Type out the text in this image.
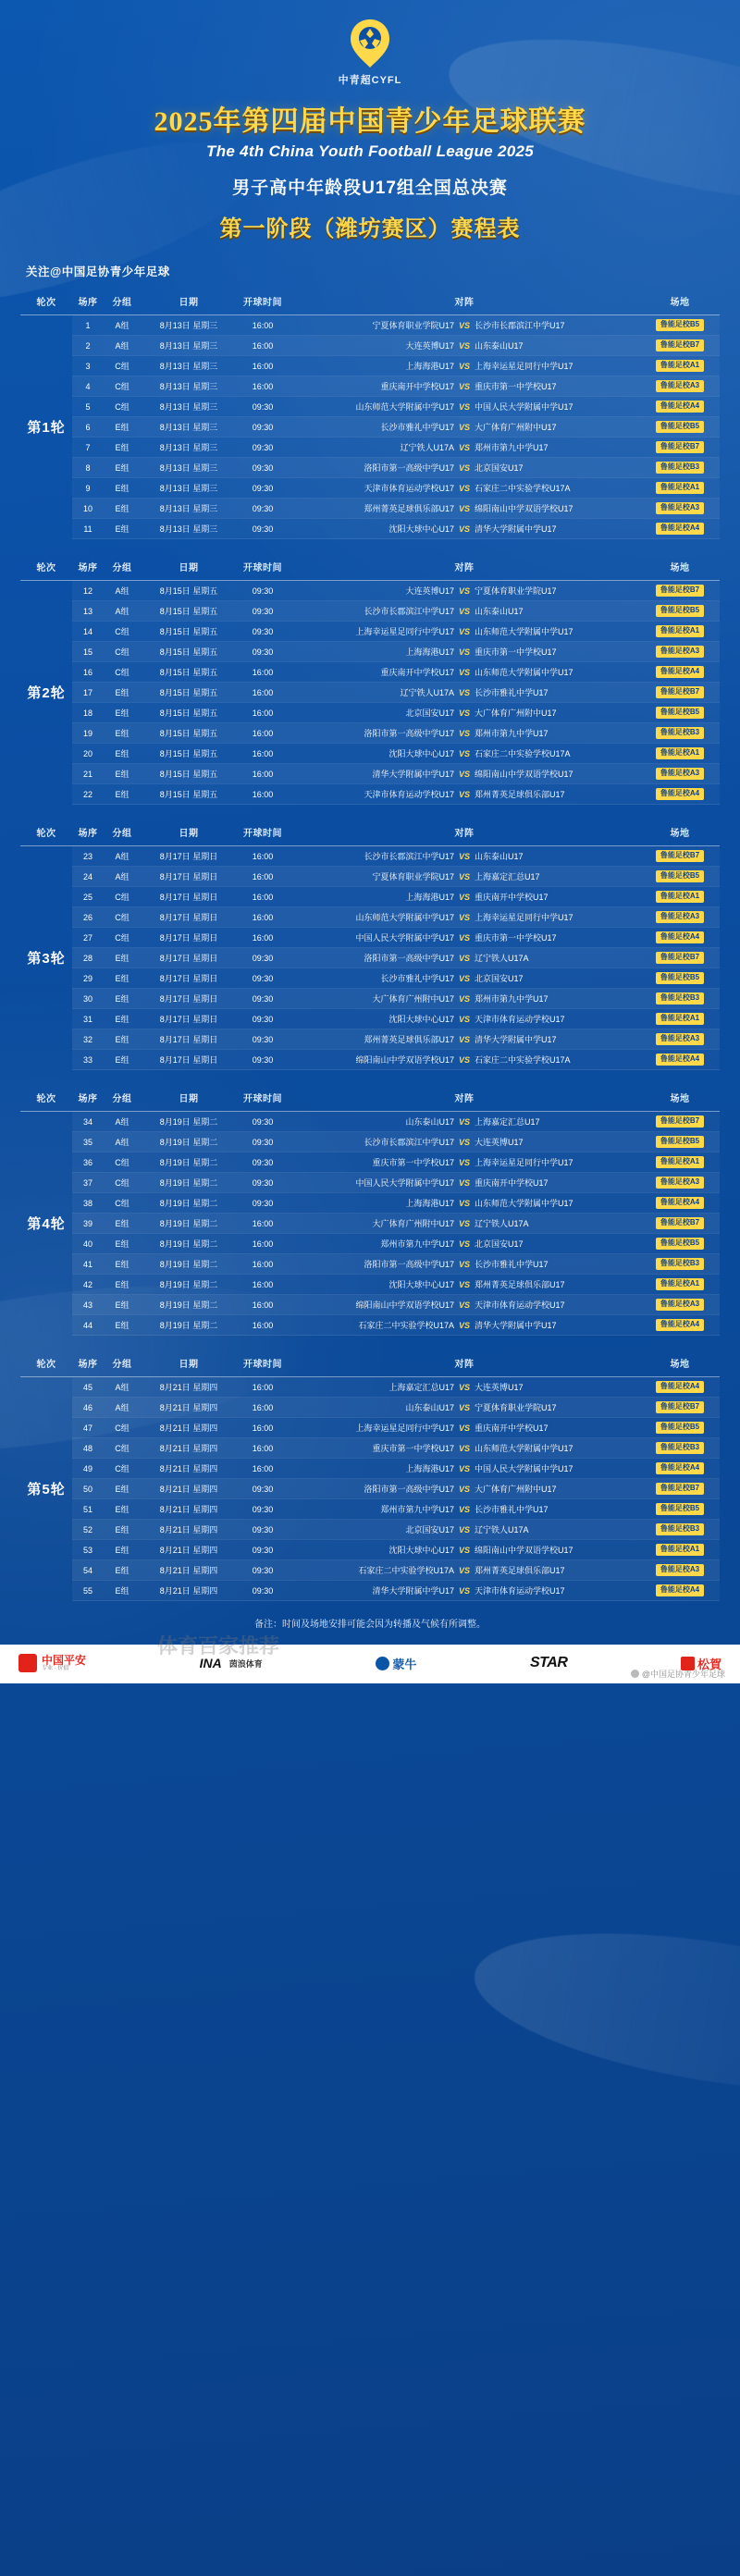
中青超CYFL
2025年第四届中国青少年足球联赛
The 4th China Youth Football League 2025
男子高中年龄段U17组全国总决赛
第一阶段（潍坊赛区）赛程表
关注@中国足协青少年足球
轮次	场序	分组	日期	开球时间	对阵	场地
第1轮	1	A组	8月13日 星期三	16:00	宁夏体育职业学院U17 VS 长沙市长郡滨江中学U17	鲁能足校B5
	2	A组	8月13日 星期三	16:00	大连英博U17 VS 山东泰山U17	鲁能足校B7
	3	C组	8月13日 星期三	16:00	上海海港U17 VS 上海幸运星足同行中学U17	鲁能足校A1
	4	C组	8月13日 星期三	16:00	重庆南开中学校U17 VS 重庆市第一中学校U17	鲁能足校A3
	5	C组	8月13日 星期三	09:30	山东师范大学附属中学U17 VS 中国人民大学附属中学U17	鲁能足校A4
	6	E组	8月13日 星期三	09:30	长沙市雅礼中学U17 VS 大广体育广州附中U17	鲁能足校B5
	7	E组	8月13日 星期三	09:30	辽宁铁人U17A VS 郑州市第九中学U17	鲁能足校B7
	8	E组	8月13日 星期三	09:30	洛阳市第一高级中学U17 VS 北京国安U17	鲁能足校B3
	9	E组	8月13日 星期三	09:30	天津市体育运动学校U17 VS 石家庄二中实验学校U17A	鲁能足校A1
	10	E组	8月13日 星期三	09:30	郑州菁英足球俱乐部U17 VS 绵阳南山中学双语学校U17	鲁能足校A3
	11	E组	8月13日 星期三	09:30	沈阳大球中心U17 VS 清华大学附属中学U17	鲁能足校A4
轮次	场序	分组	日期	开球时间	对阵	场地
第2轮	12	A组	8月15日 星期五	09:30	大连英博U17 VS 宁夏体育职业学院U17	鲁能足校B7
	13	A组	8月15日 星期五	09:30	长沙市长郡滨江中学U17 VS 山东泰山U17	鲁能足校B5
	14	C组	8月15日 星期五	09:30	上海幸运星足同行中学U17 VS 山东师范大学附属中学U17	鲁能足校A1
	15	C组	8月15日 星期五	09:30	上海海港U17 VS 重庆市第一中学校U17	鲁能足校A3
	16	C组	8月15日 星期五	16:00	重庆南开中学校U17 VS 山东师范大学附属中学U17	鲁能足校A4
	17	E组	8月15日 星期五	16:00	辽宁铁人U17A VS 长沙市雅礼中学U17	鲁能足校B7
	18	E组	8月15日 星期五	16:00	北京国安U17 VS 大广体育广州附中U17	鲁能足校B5
	19	E组	8月15日 星期五	16:00	洛阳市第一高级中学U17 VS 郑州市第九中学U17	鲁能足校B3
	20	E组	8月15日 星期五	16:00	沈阳大球中心U17 VS 石家庄二中实验学校U17A	鲁能足校A1
	21	E组	8月15日 星期五	16:00	清华大学附属中学U17 VS 绵阳南山中学双语学校U17	鲁能足校A3
	22	E组	8月15日 星期五	16:00	天津市体育运动学校U17 VS 郑州菁英足球俱乐部U17	鲁能足校A4
轮次	场序	分组	日期	开球时间	对阵	场地
第3轮	23	A组	8月17日 星期日	16:00	长沙市长郡滨江中学U17 VS 山东泰山U17	鲁能足校B7
	24	A组	8月17日 星期日	16:00	宁夏体育职业学院U17 VS 上海嘉定汇总U17	鲁能足校B5
	25	C组	8月17日 星期日	16:00	上海海港U17 VS 重庆南开中学校U17	鲁能足校A1
	26	C组	8月17日 星期日	16:00	山东师范大学附属中学U17 VS 上海幸运星足同行中学U17	鲁能足校A3
	27	C组	8月17日 星期日	16:00	中国人民大学附属中学U17 VS 重庆市第一中学校U17	鲁能足校A4
	28	E组	8月17日 星期日	09:30	洛阳市第一高级中学U17 VS 辽宁铁人U17A	鲁能足校B7
	29	E组	8月17日 星期日	09:30	长沙市雅礼中学U17 VS 北京国安U17	鲁能足校B5
	30	E组	8月17日 星期日	09:30	大广体育广州附中U17 VS 郑州市第九中学U17	鲁能足校B3
	31	E组	8月17日 星期日	09:30	沈阳大球中心U17 VS 天津市体育运动学校U17	鲁能足校A1
	32	E组	8月17日 星期日	09:30	郑州菁英足球俱乐部U17 VS 清华大学附属中学U17	鲁能足校A3
	33	E组	8月17日 星期日	09:30	绵阳南山中学双语学校U17 VS 石家庄二中实验学校U17A	鲁能足校A4
轮次	场序	分组	日期	开球时间	对阵	场地
第4轮	34	A组	8月19日 星期二	09:30	山东泰山U17 VS 上海嘉定汇总U17	鲁能足校B7
	35	A组	8月19日 星期二	09:30	长沙市长郡滨江中学U17 VS 大连英博U17	鲁能足校B5
	36	C组	8月19日 星期二	09:30	重庆市第一中学校U17 VS 上海幸运星足同行中学U17	鲁能足校A1
	37	C组	8月19日 星期二	09:30	中国人民大学附属中学U17 VS 重庆南开中学校U17	鲁能足校A3
	38	C组	8月19日 星期二	09:30	上海海港U17 VS 山东师范大学附属中学U17	鲁能足校A4
	39	E组	8月19日 星期二	16:00	大广体育广州附中U17 VS 辽宁铁人U17A	鲁能足校B7
	40	E组	8月19日 星期二	16:00	郑州市第九中学U17 VS 北京国安U17	鲁能足校B5
	41	E组	8月19日 星期二	16:00	洛阳市第一高级中学U17 VS 长沙市雅礼中学U17	鲁能足校B3
	42	E组	8月19日 星期二	16:00	沈阳大球中心U17 VS 郑州菁英足球俱乐部U17	鲁能足校A1
	43	E组	8月19日 星期二	16:00	绵阳南山中学双语学校U17 VS 天津市体育运动学校U17	鲁能足校A3
	44	E组	8月19日 星期二	16:00	石家庄二中实验学校U17A VS 清华大学附属中学U17	鲁能足校A4
轮次	场序	分组	日期	开球时间	对阵	场地
第5轮	45	A组	8月21日 星期四	16:00	上海嘉定汇总U17 VS 大连英博U17	鲁能足校A4
	46	A组	8月21日 星期四	16:00	山东泰山U17 VS 宁夏体育职业学院U17	鲁能足校B7
	47	C组	8月21日 星期四	16:00	上海幸运星足同行中学U17 VS 重庆南开中学校U17	鲁能足校B5
	48	C组	8月21日 星期四	16:00	重庆市第一中学校U17 VS 山东师范大学附属中学U17	鲁能足校B3
	49	C组	8月21日 星期四	16:00	上海海港U17 VS 中国人民大学附属中学U17	鲁能足校A4
	50	E组	8月21日 星期四	09:30	洛阳市第一高级中学U17 VS 大广体育广州附中U17	鲁能足校B7
	51	E组	8月21日 星期四	09:30	郑州市第九中学U17 VS 长沙市雅礼中学U17	鲁能足校B5
	52	E组	8月21日 星期四	09:30	北京国安U17 VS 辽宁铁人U17A	鲁能足校B3
	53	E组	8月21日 星期四	09:30	沈阳大球中心U17 VS 绵阳南山中学双语学校U17	鲁能足校A1
	54	E组	8月21日 星期四	09:30	石家庄二中实验学校U17A VS 郑州菁英足球俱乐部U17	鲁能足校A3
	55	E组	8月21日 星期四	09:30	清华大学附属中学U17 VS 天津市体育运动学校U17	鲁能足校A4
备注：时间及场地安排可能会因为转播及气候有所调整。
中国平安
专业 · 价值	INA 茵浪体育	蒙牛	STAR	松賀
体育百家推荐
@中国足协青少年足球
